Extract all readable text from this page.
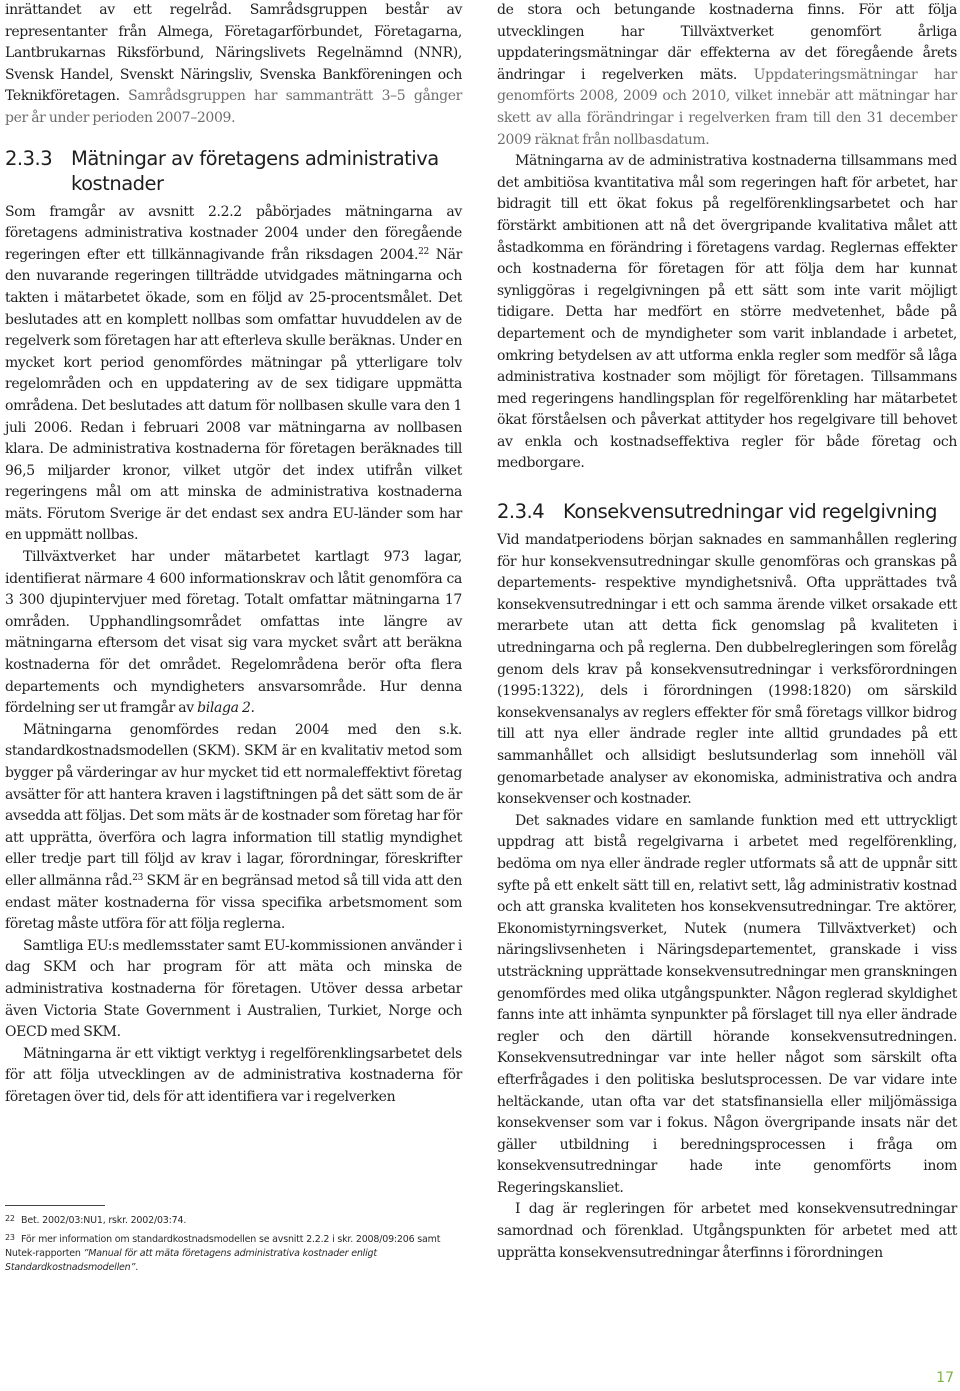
inrättandet av ett regelråd. Samrådsgruppen består av representanter från Almega, Företagarförbundet, Företagarna, Lantbrukarnas Riksförbund, Näringslivets Regelnämnd (NNR), Svensk Handel, Svenskt Näringsliv, Svenska Bankföreningen och Teknikföretagen. Samrådsgruppen har sammanträtt 3–5 gånger per år under perioden 2007–2009.

2.3.3 Mätningar av företagens administrativa kostnader

Som framgår av avsnitt 2.2.2 påbörjades mätningarna av företagens administrativa kostnader 2004 under den föregående regeringen efter ett tillkännagivande från riksdagen 2004.22 När den nuvarande regeringen tillträdde utvidgades mätningarna och takten i mätarbetet ökade, som en följd av 25-procentsmålet. Det beslutades att en komplett nollbas som omfattar huvuddelen av de regelverk som företagen har att efterleva skulle beräknas. Under en mycket kort period genomfördes mätningar på ytterligare tolv regelområden och en uppdatering av de sex tidigare uppmätta områdena. Det beslutades att datum för nollbasen skulle vara den 1 juli 2006. Redan i februari 2008 var mätningarna av nollbasen klara. De administrativa kostnaderna för företagen beräknades till 96,5 miljarder kronor, vilket utgör det index utifrån vilket regeringens mål om att minska de administrativa kostnaderna mäts. Förutom Sverige är det endast sex andra EU-länder som har en uppmätt nollbas.

Tillväxtverket har under mätarbetet kartlagt 973 lagar, identifierat närmare 4 600 informationskrav och låtit genomföra ca 3 300 djupintervjuer med företag. Totalt omfattar mätningarna 17 områden. Upphandlingsområdet omfattas inte längre av mätningarna eftersom det visat sig vara mycket svårt att beräkna kostnaderna för det området. Regelområdena berör ofta flera departements och myndigheters ansvarsområde. Hur denna fördelning ser ut framgår av bilaga 2.

Mätningarna genomfördes redan 2004 med den s.k. standardkostnadsmodellen (SKM). SKM är en kvalitativ metod som bygger på värderingar av hur mycket tid ett normaleffektivt företag avsätter för att hantera kraven i lagstiftningen på det sätt som de är avsedda att följas. Det som mäts är de kostnader som företag har för att upprätta, överföra och lagra information till statlig myndighet eller tredje part till följd av krav i lagar, förordningar, föreskrifter eller allmänna råd.$^{23}$ SKM är en begränsad metod så till vida att den endast mäter kostnaderna för vissa specifika arbetsmoment som företag måste utföra för att följa reglerna.

Samtliga EU:s medlemsstater samt EU-kommissionen använder i dag SKM och har program för att mäta och minska de administrativa kostnaderna för företagen. Utöver dessa arbetar även Victoria State Government i Australien, Turkiet, Norge och OECD med SKM.

Mätningarna är ett viktigt verktyg i regelförenklingsarbetet dels för att följa utvecklingen av de administrativa kostnaderna för företagen över tid, dels för att identifiera var i regelverken

22 Bet. 2002/03:NU1, rskr. 2002/03:74.

23 För mer information om standardkostnadsmodellen se avsnitt 2.2.2 i skr. 2008/09:206 samt Nutek-rapporten ”Manual för att mäta företagens administrativa kostnader enligt Standardkostnadsmodellen”.

de stora och betungande kostnaderna finns. För att följa utvecklingen har Tillväxtverket genomfört årliga uppdateringsmätningar där effekterna av det föregående årets ändringar i regelverken mäts. Uppdateringsmätningar har genomförts 2008, 2009 och 2010, vilket innebär att mätningar har skett av alla förändringar i regelverken fram till den 31 december 2009 räknat från nollbasdatum.

Mätningarna av de administrativa kostnaderna tillsammans med det ambitiösa kvantitativa mål som regeringen haft för arbetet, har bidragit till ett ökat fokus på regelförenklingsarbetet och har förstärkt ambitionen att nå det övergripande kvalitativa målet att åstadkomma en förändring i företagens vardag. Reglernas effekter och kostnaderna för företagen för att följa dem har kunnat synliggöras i regelgivningen på ett sätt som inte varit möjligt tidigare. Detta har medfört en större medvetenhet, både på departement och de myndigheter som varit inblandade i arbetet, omkring betydelsen av att utforma enkla regler som medför så låga administrativa kostnader som möjligt för företagen. Tillsammans med regeringens handlingsplan för regelförenkling har mätarbetet ökat förståelsen och påverkat attityder hos regelgivare till behovet av enkla och kostnadseffektiva regler för både företag och medborgare.

2.3.4 Konsekvensutredningar vid regelgivning

Vid mandatperiodens början saknades en sammanhållen reglering för hur konsekvensutredningar skulle genomföras och granskas på departements- respektive myndighetsnivå. Ofta upprättades två konsekvensutredningar i ett och samma ärende vilket orsakade ett merarbete utan att detta fick genomslag på kvaliteten i utredningarna och på reglerna. Den dubbelregleringen som förelåg genom dels krav på konsekvensutredningar i verksförordningen (1995:1322), dels i förordningen (1998:1820) om särskild konsekvensanalys av reglers effekter för små företags villkor bidrog till att nya eller ändrade regler inte alltid grundades på ett sammanhållet och allsidigt beslutsunderlag som innehöll väl genomarbetade analyser av ekonomiska, administrativa och andra konsekvenser och kostnader.

Det saknades vidare en samlande funktion med ett uttryckligt uppdrag att bistå regelgivarna i arbetet med regelförenkling, bedöma om nya eller ändrade regler utformats så att de uppnår sitt syfte på ett enkelt sätt till en, relativt sett, låg administrativ kostnad och att granska kvaliteten hos konsekvensutredningar. Tre aktörer, Ekonomistyrningsverket, Nutek (numera Tillväxtverket) och näringslivsenheten i Näringsdepartementet, granskade i viss utsträckning upprättade konsekvensutredningar men granskningen genomfördes med olika utgångspunkter. Någon reglerad skyldighet fanns inte att inhämta synpunkter på förslaget till nya eller ändrade regler och den därtill hörande konsekvensutredningen. Konsekvensutredningar var inte heller något som särskilt ofta efterfrågades i den politiska beslutsprocessen. De var vidare inte heltäckande, utan ofta var det statsfinansiella eller miljömässiga konsekvenser som var i fokus. Någon övergripande insats när det gäller utbildning i beredningsprocessen i fråga om konsekvensutredningar hade inte genomförts inom Regeringskansliet.

I dag är regleringen för arbetet med konsekvensutredningar samordnad och förenklad. Utgångspunkten för arbetet med att upprätta konsekvensutredningar återfinns i förordningen

17
